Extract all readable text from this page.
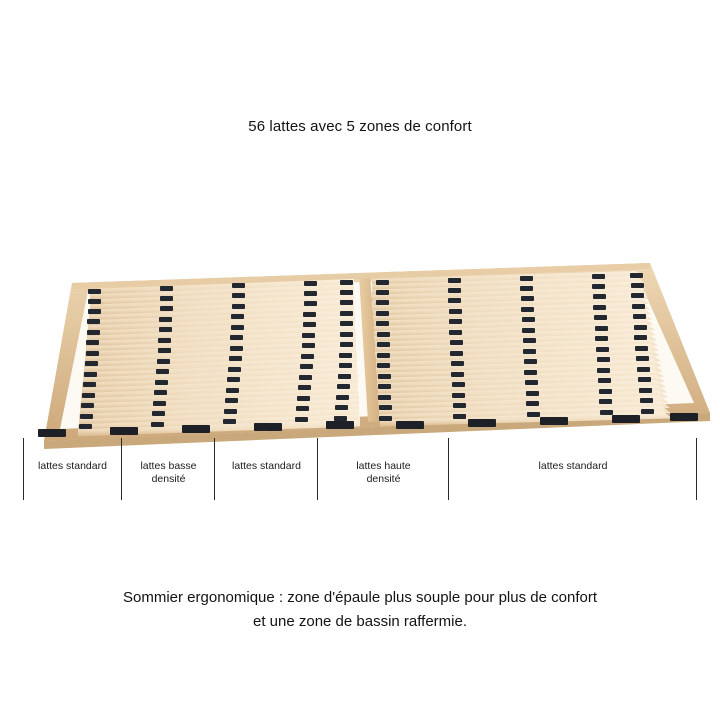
56 lattes avec 5 zones de confort
lattes standard	lattes basse
densité
lattes standard	lattes haute
densité
lattes standard
Sommier ergonomique : zone d'épaule plus souple pour plus de confort
et une zone de bassin raffermie.
